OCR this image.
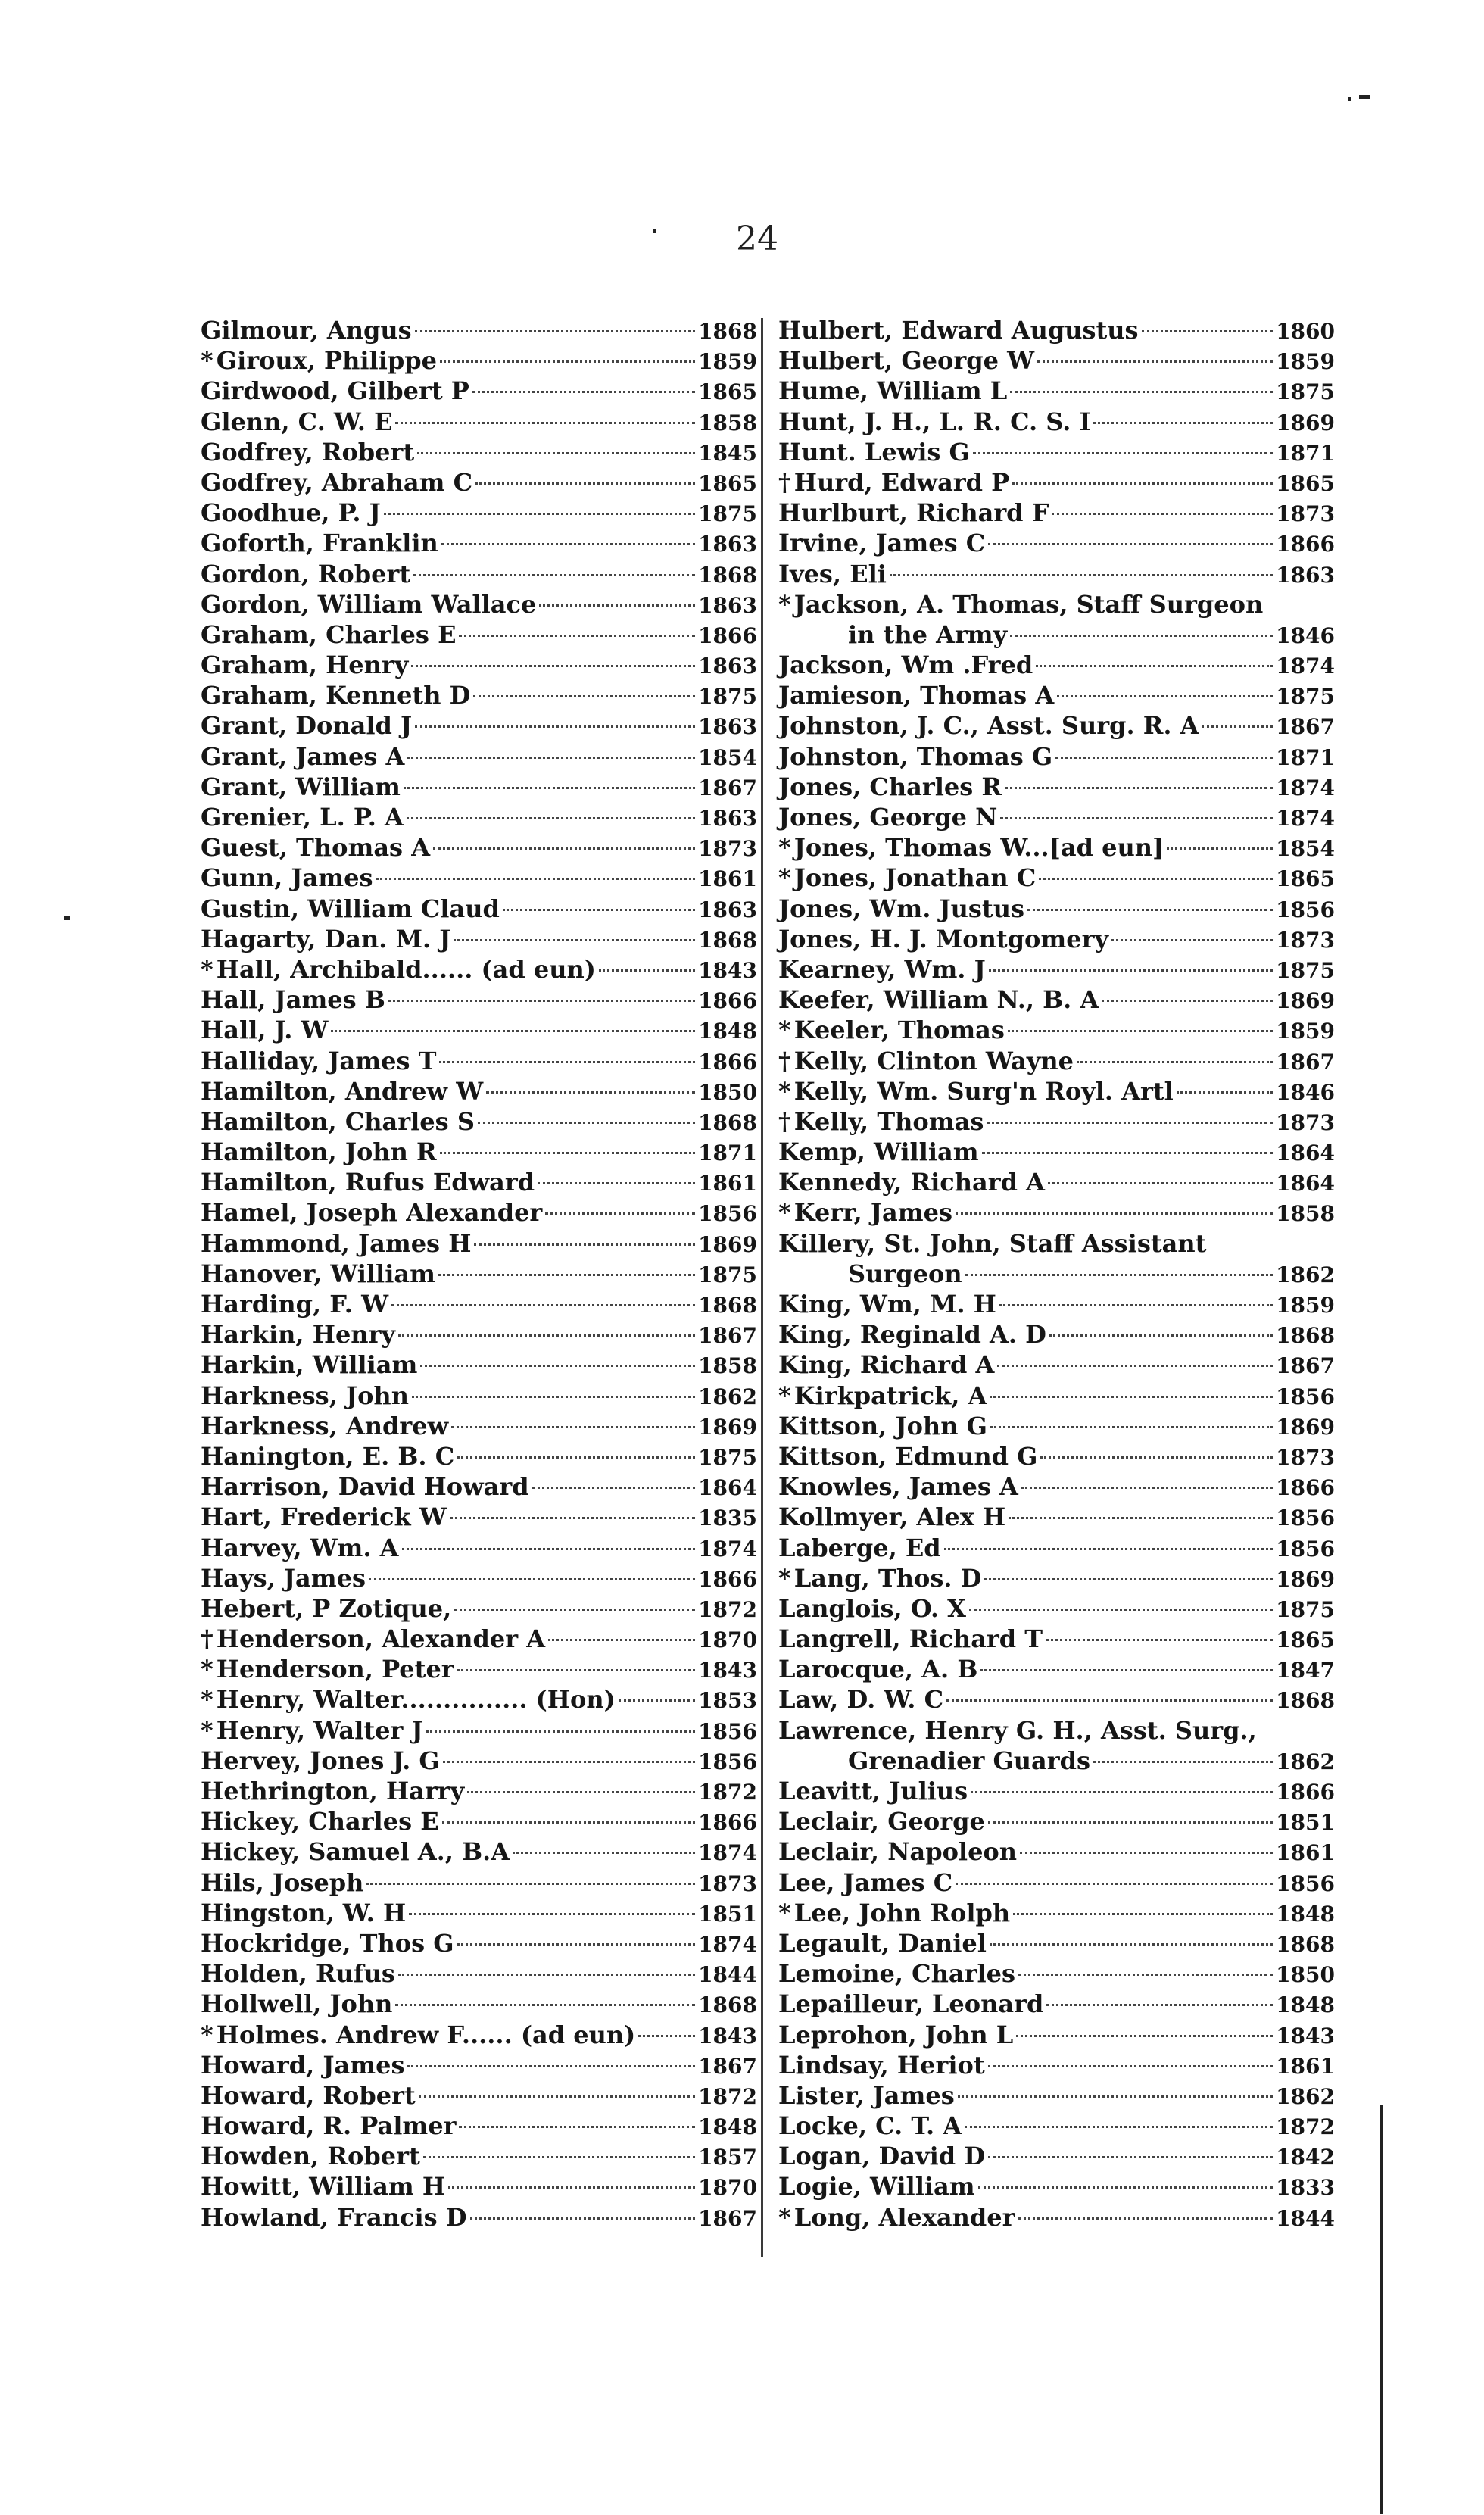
24
Gilmour, Angus	1868
* Giroux, Philippe	1859
Girdwood, Gilbert P	1865
Glenn, C. W. E	1858
Godfrey, Robert	1845
Godfrey, Abraham C	1865
Goodhue, P. J	1875
Goforth, Franklin	1863
Gordon, Robert	1868
Gordon, William Wallace	1863
Graham, Charles E	1866
Graham, Henry	1863
Graham, Kenneth D	1875
Grant, Donald J	1863
Grant, James A	1854
Grant, William	1867
Grenier, L. P. A	1863
Guest, Thomas A	1873
Gunn, James	1861
Gustin, William Claud	1863
Hagarty, Dan. M. J	1868
* Hall, Archibald...... (ad eun)	1843
Hall, James B	1866
Hall, J. W	1848
Halliday, James T	1866
Hamilton, Andrew W	1850
Hamilton, Charles S	1868
Hamilton, John R	1871
Hamilton, Rufus Edward	1861
Hamel, Joseph Alexander	1856
Hammond, James H	1869
Hanover, William	1875
Harding, F. W	1868
Harkin, Henry	1867
Harkin, William	1858
Harkness, John	1862
Harkness, Andrew	1869
Hanington, E. B. C	1875
Harrison, David Howard	1864
Hart, Frederick W	1835
Harvey, Wm. A	1874
Hays, James	1866
Hebert, P Zotique,	1872
† Henderson, Alexander A	1870
* Henderson, Peter	1843
* Henry, Walter............... (Hon)	1853
* Henry, Walter J	1856
Hervey, Jones J. G	1856
Hethrington, Harry	1872
Hickey, Charles E	1866
Hickey, Samuel A., B.A	1874
Hils, Joseph	1873
Hingston, W. H	1851
Hockridge, Thos G	1874
Holden, Rufus	1844
Hollwell, John	1868
* Holmes. Andrew F...... (ad eun)	1843
Howard, James	1867
Howard, Robert	1872
Howard, R. Palmer	1848
Howden, Robert	1857
Howitt, William H	1870
Howland, Francis D	1867
Hulbert, Edward Augustus	1860
Hulbert, George W	1859
Hume, William L	1875
Hunt, J. H., L. R. C. S. I	1869
Hunt. Lewis G	1871
† Hurd, Edward P	1865
Hurlburt, Richard F	1873
Irvine, James C	1866
Ives, Eli	1863
* Jackson, A. Thomas, Staff Surgeon
in the Army	1846
Jackson, Wm .Fred	1874
Jamieson, Thomas A	1875
Johnston, J. C., Asst. Surg. R. A	1867
Johnston, Thomas G	1871
Jones, Charles R	1874
Jones, George N	1874
* Jones, Thomas W...[ad eun]	1854
* Jones, Jonathan C	1865
Jones, Wm. Justus	1856
Jones, H. J. Montgomery	1873
Kearney, Wm. J	1875
Keefer, William N., B. A	1869
* Keeler, Thomas	1859
† Kelly, Clinton Wayne	1867
* Kelly, Wm. Surg'n Royl. Artl	1846
† Kelly, Thomas	1873
Kemp, William	1864
Kennedy, Richard A	1864
* Kerr, James	1858
Killery, St. John, Staff Assistant
Surgeon	1862
King, Wm, M. H	1859
King, Reginald A. D	1868
King, Richard A	1867
* Kirkpatrick, A	1856
Kittson, John G	1869
Kittson, Edmund G	1873
Knowles, James A	1866
Kollmyer, Alex H	1856
Laberge, Ed	1856
* Lang, Thos. D	1869
Langlois, O. X	1875
Langrell, Richard T	1865
Larocque, A. B	1847
Law, D. W. C	1868
Lawrence, Henry G. H., Asst. Surg.,
Grenadier Guards	1862
Leavitt, Julius	1866
Leclair, George	1851
Leclair, Napoleon	1861
Lee, James C	1856
* Lee, John Rolph	1848
Legault, Daniel	1868
Lemoine, Charles	1850
Lepailleur, Leonard	1848
Leprohon, John L	1843
Lindsay, Heriot	1861
Lister, James	1862
Locke, C. T. A	1872
Logan, David D	1842
Logie, William	1833
* Long, Alexander	1844
